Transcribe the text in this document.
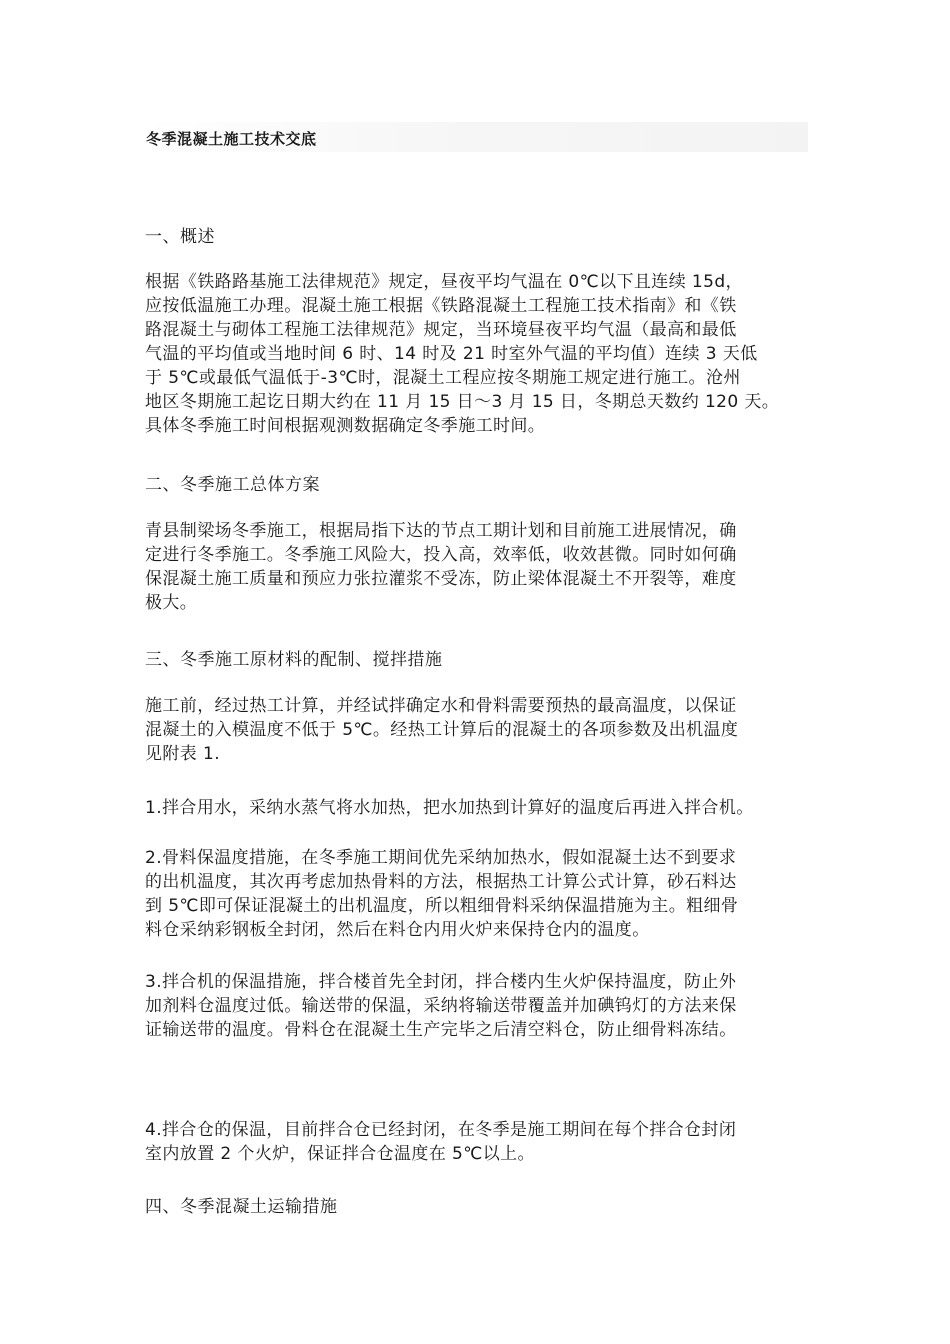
冬季混凝土施工技术交底
一、概述
根据《铁路路基施工法律规范》规定，昼夜平均气温在 0℃以下且连续 15d，
应按低温施工办理。混凝土施工根据《铁路混凝土工程施工技术指南》和《铁
路混凝土与砌体工程施工法律规范》规定，当环境昼夜平均气温（最高和最低
气温的平均值或当地时间 6 时、14 时及 21 时室外气温的平均值）连续 3 天低
于 5℃或最低气温低于-3℃时，混凝土工程应按冬期施工规定进行施工。沧州
地区冬期施工起讫日期大约在 11 月 15 日～3 月 15 日，冬期总天数约 120 天。
具体冬季施工时间根据观测数据确定冬季施工时间。
二、冬季施工总体方案
青县制梁场冬季施工，根据局指下达的节点工期计划和目前施工进展情况，确
定进行冬季施工。冬季施工风险大，投入高，效率低，收效甚微。同时如何确
保混凝土施工质量和预应力张拉灌浆不受冻，防止梁体混凝土不开裂等，难度
极大。
三、冬季施工原材料的配制、搅拌措施
施工前，经过热工计算，并经试拌确定水和骨料需要预热的最高温度，以保证
混凝土的入模温度不低于 5℃。经热工计算后的混凝土的各项参数及出机温度
见附表 1.
1.拌合用水，采纳水蒸气将水加热，把水加热到计算好的温度后再进入拌合机。
2.骨料保温度措施，在冬季施工期间优先采纳加热水，假如混凝土达不到要求
的出机温度，其次再考虑加热骨料的方法，根据热工计算公式计算，砂石料达
到 5℃即可保证混凝土的出机温度，所以粗细骨料采纳保温措施为主。粗细骨
料仓采纳彩钢板全封闭，然后在料仓内用火炉来保持仓内的温度。
3.拌合机的保温措施，拌合楼首先全封闭，拌合楼内生火炉保持温度，防止外
加剂料仓温度过低。输送带的保温，采纳将输送带覆盖并加碘钨灯的方法来保
证输送带的温度。骨料仓在混凝土生产完毕之后清空料仓，防止细骨料冻结。
4.拌合仓的保温，目前拌合仓已经封闭，在冬季是施工期间在每个拌合仓封闭
室内放置 2 个火炉，保证拌合仓温度在 5℃以上。
四、冬季混凝土运输措施
